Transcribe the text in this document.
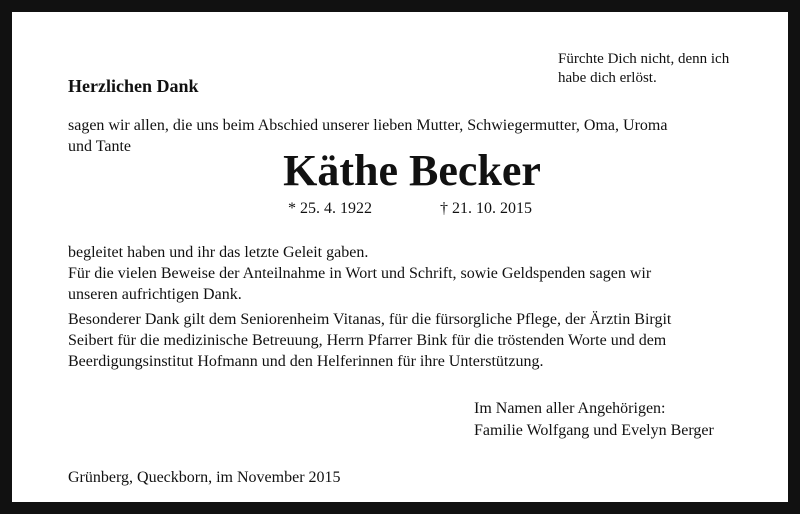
Fürchte Dich nicht, denn ich
habe dich erlöst.
Herzlichen Dank
sagen wir allen, die uns beim Abschied unserer lieben Mutter, Schwiegermutter, Oma, Uroma
und Tante	Käthe Becker
* 25. 4. 1922	† 21. 10. 2015
begleitet haben und ihr das letzte Geleit gaben.
Für die vielen Beweise der Anteilnahme in Wort und Schrift, sowie Geldspenden sagen wir
unseren aufrichtigen Dank.
Besonderer Dank gilt dem Seniorenheim Vitanas, für die fürsorgliche Pflege, der Ärztin Birgit
Seibert für die medizinische Betreuung, Herrn Pfarrer Bink für die tröstenden Worte und dem
Beerdigungsinstitut Hofmann und den Helferinnen für ihre Unterstützung.
Im Namen aller Angehörigen:
Familie Wolfgang und Evelyn Berger
Grünberg, Queckborn, im November 2015
